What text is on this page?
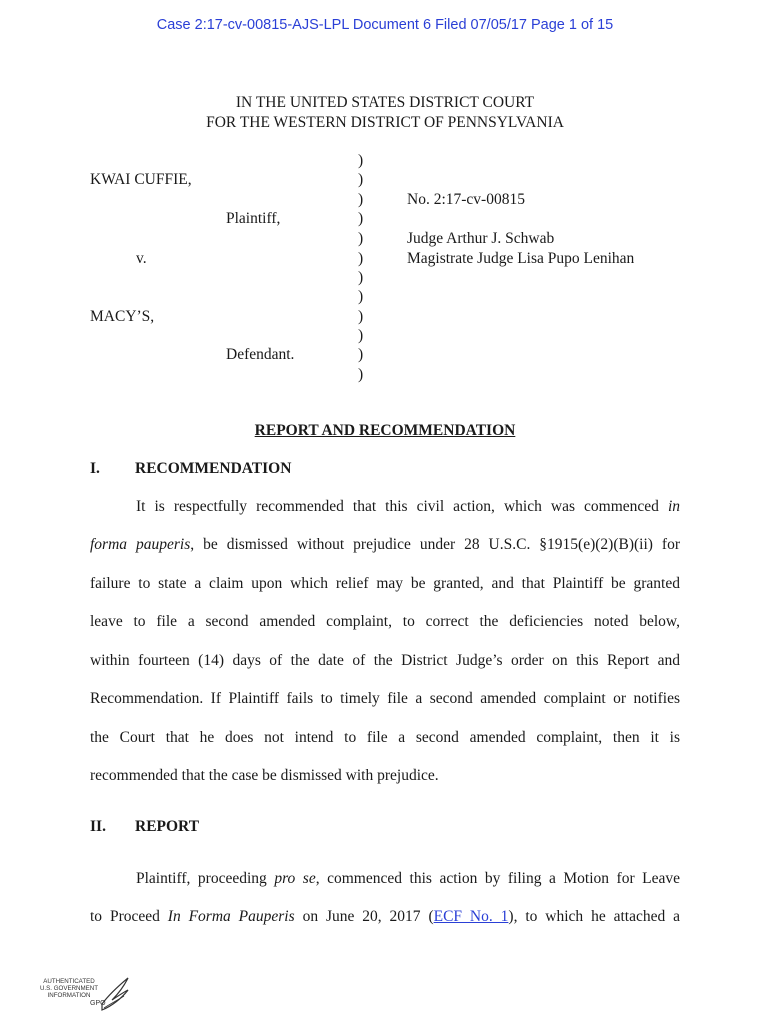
Case 2:17-cv-00815-AJS-LPL Document 6 Filed 07/05/17 Page 1 of 15
IN THE UNITED STATES DISTRICT COURT
FOR THE WESTERN DISTRICT OF PENNSYLVANIA
KWAI CUFFIE,
Plaintiff,
v.
MACY’S,
Defendant.
)
)
)
)
)
)
)
)
)
)
)
)
No. 2:17-cv-00815
Judge Arthur J. Schwab
Magistrate Judge Lisa Pupo Lenihan
REPORT AND RECOMMENDATION
I. RECOMMENDATION
It is respectfully recommended that this civil action, which was commenced in
forma pauperis, be dismissed without prejudice under 28 U.S.C. §1915(e)(2)(B)(ii) for
failure to state a claim upon which relief may be granted, and that Plaintiff be granted
leave to file a second amended complaint, to correct the deficiencies noted below,
within fourteen (14) days of the date of the District Judge’s order on this Report and
Recommendation. If Plaintiff fails to timely file a second amended complaint or notifies
the Court that he does not intend to file a second amended complaint, then it is
recommended that the case be dismissed with prejudice.
II. REPORT
Plaintiff, proceeding pro se, commenced this action by filing a Motion for Leave
to Proceed In Forma Pauperis on June 20, 2017 (ECF No. 1), to which he attached a
AUTHENTICATED
U.S. GOVERNMENT
INFORMATION
GPO
